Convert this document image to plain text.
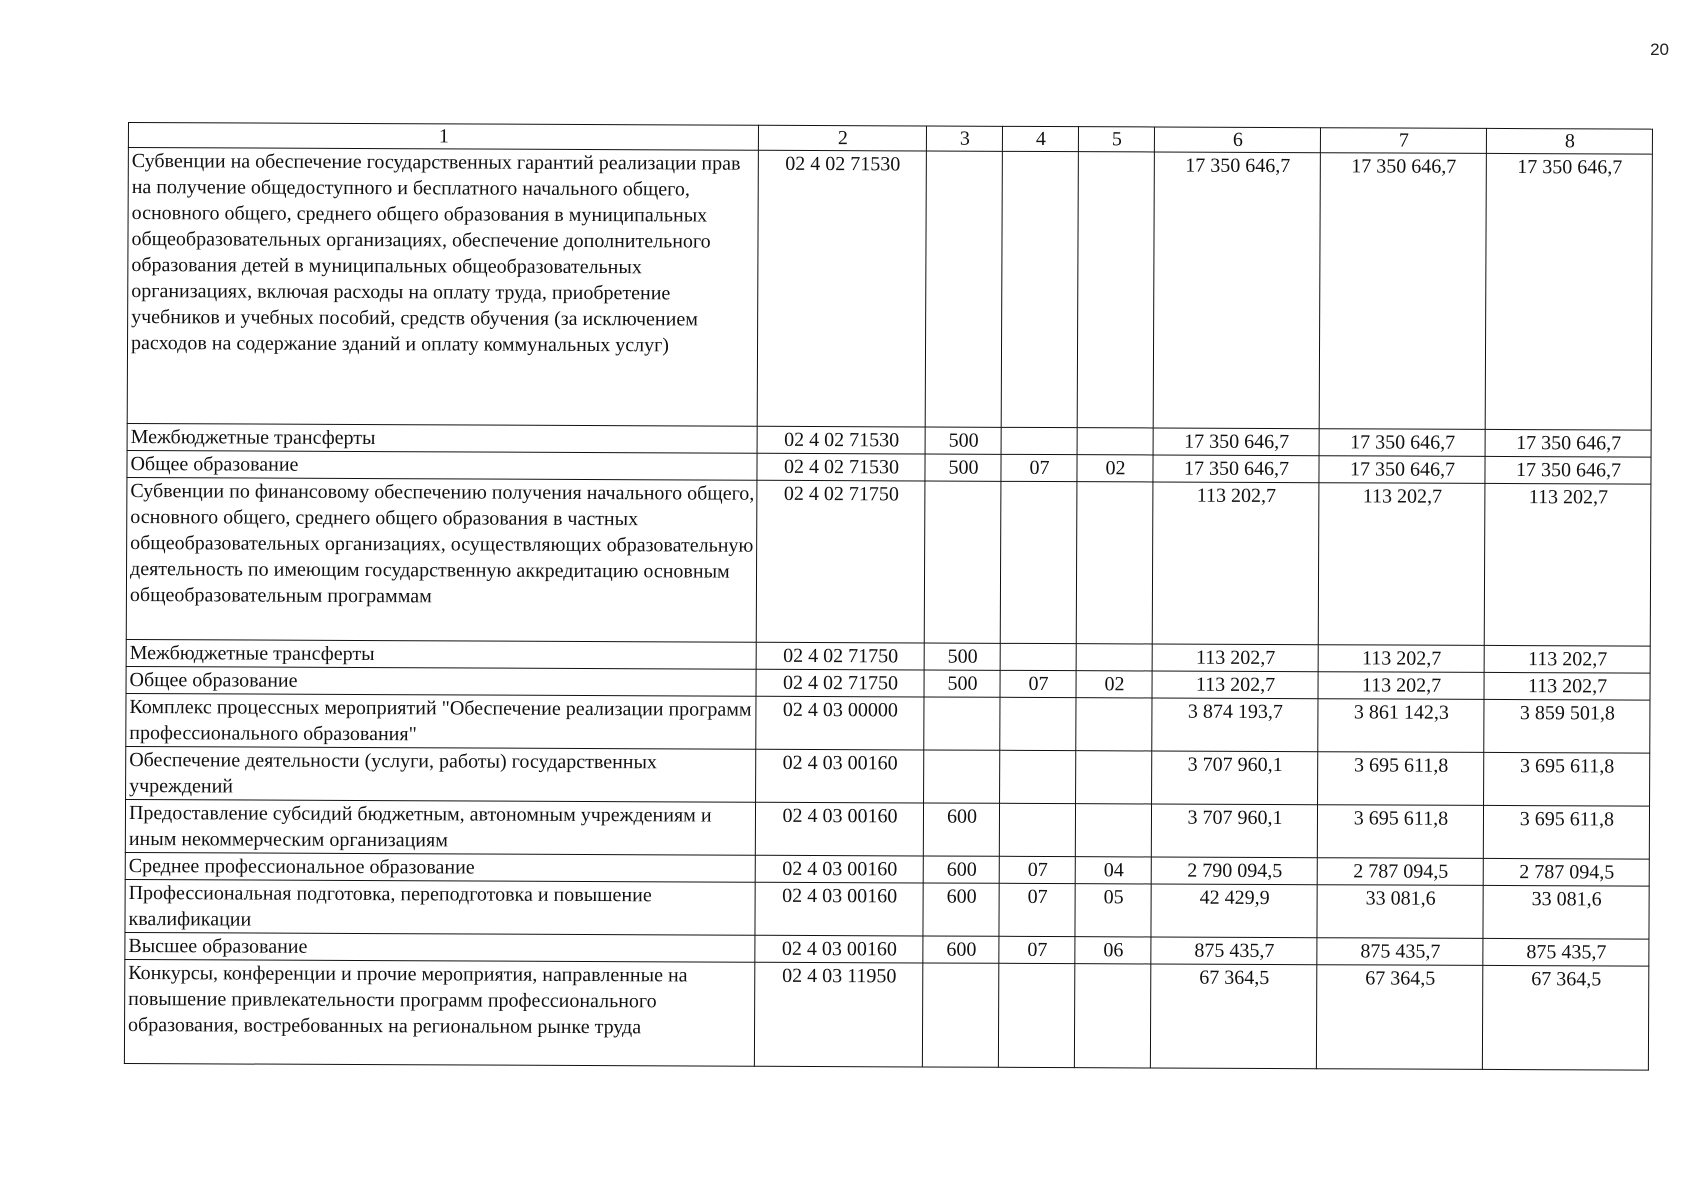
20
1	2	3	4	5	6	7	8
Субвенции на обеспечение государственных гарантий реализации прав на получение общедоступного и бесплатного начального общего, основного общего, среднего общего образования в муниципальных общеобразовательных организациях, обеспечение дополнительного образования детей в муниципальных общеобразовательных организациях, включая расходы на оплату труда, приобретение учебников и учебных пособий, средств обучения (за исключением расходов на содержание зданий и оплату коммунальных услуг)	02 4 02 71530				17 350 646,7	17 350 646,7	17 350 646,7
Межбюджетные трансферты	02 4 02 71530	500			17 350 646,7	17 350 646,7	17 350 646,7
Общее образование	02 4 02 71530	500	07	02	17 350 646,7	17 350 646,7	17 350 646,7
Субвенции по финансовому обеспечению получения начального общего, основного общего, среднего общего образования в частных общеобразовательных организациях, осуществляющих образовательную деятельность по имеющим государственную аккредитацию основным общеобразовательным программам	02 4 02 71750				113 202,7	113 202,7	113 202,7
Межбюджетные трансферты	02 4 02 71750	500			113 202,7	113 202,7	113 202,7
Общее образование	02 4 02 71750	500	07	02	113 202,7	113 202,7	113 202,7
Комплекс процессных мероприятий "Обеспечение реализации программ профессионального образования"	02 4 03 00000				3 874 193,7	3 861 142,3	3 859 501,8
Обеспечение деятельности (услуги, работы) государственных учреждений	02 4 03 00160				3 707 960,1	3 695 611,8	3 695 611,8
Предоставление субсидий бюджетным, автономным учреждениям и иным некоммерческим организациям	02 4 03 00160	600			3 707 960,1	3 695 611,8	3 695 611,8
Среднее профессиональное образование	02 4 03 00160	600	07	04	2 790 094,5	2 787 094,5	2 787 094,5
Профессиональная подготовка, переподготовка и повышение квалификации	02 4 03 00160	600	07	05	42 429,9	33 081,6	33 081,6
Высшее образование	02 4 03 00160	600	07	06	875 435,7	875 435,7	875 435,7
Конкурсы, конференции и прочие мероприятия, направленные на повышение привлекательности программ профессионального образования, востребованных на региональном рынке труда	02 4 03 11950				67 364,5	67 364,5	67 364,5
